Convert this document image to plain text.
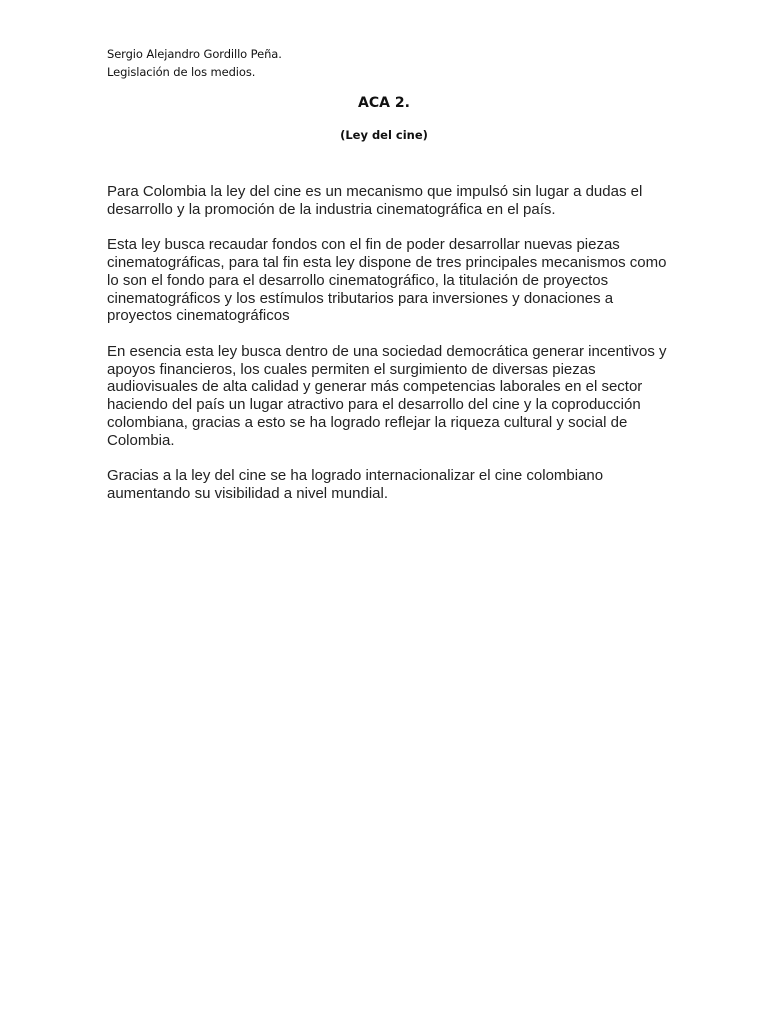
Sergio Alejandro Gordillo Peña.
Legislación de los medios.
ACA 2.
(Ley del cine)

Para Colombia la ley del cine es un mecanismo que impulsó sin lugar a dudas el desarrollo y la promoción de la industria cinematográfica en el país.

Esta ley busca recaudar fondos con el fin de poder desarrollar nuevas piezas cinematográficas, para tal fin esta ley dispone de tres principales mecanismos como lo son el fondo para el desarrollo cinematográfico, la titulación de proyectos cinematográficos y los estímulos tributarios para inversiones y donaciones a proyectos cinematográficos

En esencia esta ley busca dentro de una sociedad democrática generar incentivos y apoyos financieros, los cuales permiten el surgimiento de diversas piezas audiovisuales de alta calidad y generar más competencias laborales en el sector haciendo del país un lugar atractivo para el desarrollo del cine y la coproducción colombiana, gracias a esto se ha logrado reflejar la riqueza cultural y social de Colombia.

Gracias a la ley del cine se ha logrado internacionalizar el cine colombiano aumentando su visibilidad a nivel mundial.
